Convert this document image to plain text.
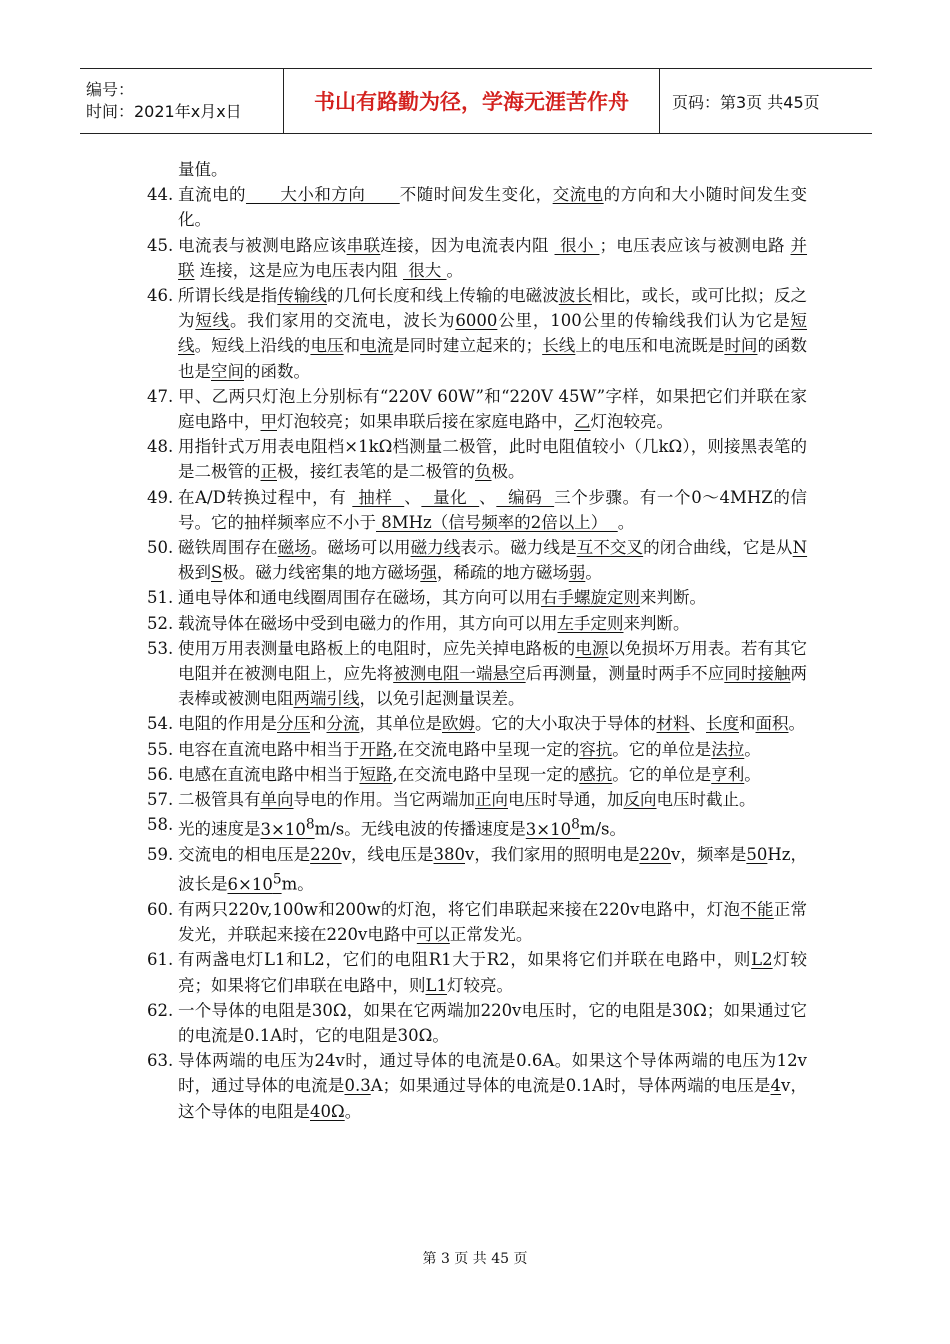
编号：
时间：2021年x月x日	书山有路勤为径，学海无涯苦作舟	页码：第3页 共45页
量值。
44. 直流电的      大小和方向      不随时间发生变化，交流电的方向和大小随时间发生变化。
45. 电流表与被测电路应该串联连接，因为电流表内阻  很小 ；电压表应该与被测电路 并联 连接，这是应为电压表内阻  很大 。
46. 所谓长线是指传输线的几何长度和线上传输的电磁波波长相比，或长，或可比拟；反之为短线。我们家用的交流电，波长为6000公里，100公里的传输线我们认为它是短线。短线上沿线的电压和电流是同时建立起来的；长线上的电压和电流既是时间的函数也是空间的函数。
47. 甲、乙两只灯泡上分别标有“220V 60W”和“220V 45W”字样，如果把它们并联在家庭电路中，甲灯泡较亮；如果串联后接在家庭电路中，乙灯泡较亮。
48. 用指针式万用表电阻档×1kΩ档测量二极管，此时电阻值较小（几kΩ），则接黑表笔的是二极管的正极，接红表笔的是二极管的负极。
49. 在A/D转换过程中，有  抽样  、  量化  、  编码  三个步骤。有一个0～4MHZ的信号。它的抽样频率应不小于 8MHz（信号频率的2倍以上）  。
50. 磁铁周围存在磁场。磁场可以用磁力线表示。磁力线是互不交叉的闭合曲线，它是从N极到S极。磁力线密集的地方磁场强，稀疏的地方磁场弱。
51. 通电导体和通电线圈周围存在磁场，其方向可以用右手螺旋定则来判断。
52. 载流导体在磁场中受到电磁力的作用，其方向可以用左手定则来判断。
53. 使用万用表测量电路板上的电阻时，应先关掉电路板的电源以免损坏万用表。若有其它电阻并在被测电阻上，应先将被测电阻一端悬空后再测量，测量时两手不应同时接触两表棒或被测电阻两端引线，以免引起测量误差。
54. 电阻的作用是分压和分流，其单位是欧姆。它的大小取决于导体的材料、长度和面积。
55. 电容在直流电路中相当于开路,在交流电路中呈现一定的容抗。它的单位是法拉。
56. 电感在直流电路中相当于短路,在交流电路中呈现一定的感抗。它的单位是亨利。
57. 二极管具有单向导电的作用。当它两端加正向电压时导通，加反向电压时截止。
58. 光的速度是$3\times 10^8m/s$。无线电波的传播速度是$3\times 10^8m/s$。
59. 交流电的相电压是220v，线电压是380v，我们家用的照明电是220v，频率是50Hz，波长是$6\times 10^5m$。
60. 有两只220v,100w和200w的灯泡，将它们串联起来接在220v电路中，灯泡不能正常发光，并联起来接在220v电路中可以正常发光。
61. 有两盏电灯L1和L2，它们的电阻R1大于R2，如果将它们并联在电路中，则L2灯较亮；如果将它们串联在电路中，则L1灯较亮。
62. 一个导体的电阻是30Ω，如果在它两端加220v电压时，它的电阻是30Ω；如果通过它的电流是0.1A时，它的电阻是30Ω。
63. 导体两端的电压为24v时，通过导体的电流是0.6A。如果这个导体两端的电压为12v时，通过导体的电流是0.3A；如果通过导体的电流是0.1A时，导体两端的电压是4v，这个导体的电阻是40Ω。
第 3 页 共 45 页
